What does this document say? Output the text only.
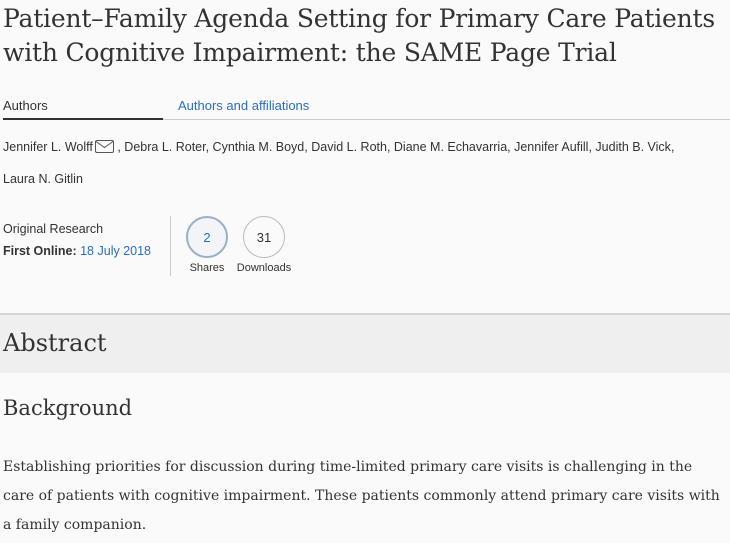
Patient–Family Agenda Setting for Primary Care Patients with Cognitive Impairment: the SAME Page Trial
Authors	Authors and affiliations
Jennifer L. Wolff , Debra L. Roter, Cynthia M. Boyd, David L. Roth, Diane M. Echavarria, Jennifer Aufill, Judith B. Vick, Laura N. Gitlin
Original Research
First Online: 18 July 2018
2
Shares
31
Downloads
Abstract
Background

Establishing priorities for discussion during time-limited primary care visits is challenging in the care of patients with cognitive impairment. These patients commonly attend primary care visits with a family companion.
